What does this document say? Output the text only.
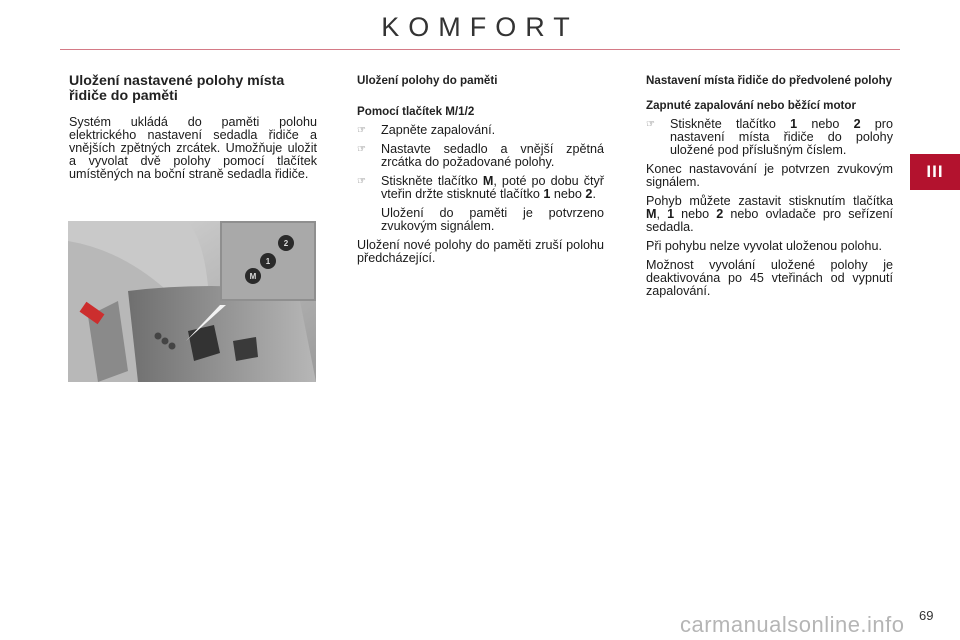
KOMFORT
III
Uložení nastavené polohy místa řidiče do paměti

Systém ukládá do paměti polohu elektrického nastavení sedadla řidiče a vnějších zpětných zrcátek. Umožňuje uložit a vyvolat dvě polohy pomocí tlačítek umístěných na boční straně sedadla řidiče.

M
1
2
Uložení polohy do paměti
Pomocí tlačítek M/1/2
☞	Zapněte zapalování.
☞	Nastavte sedadlo a vnější zpětná zrcátka do požadované polohy.
☞	Stiskněte tlačítko M, poté po dobu čtyř vteřin držte stisknuté tlačítko 1 nebo 2.

Uložení do paměti je potvrzeno zvukovým signálem.

Uložení nové polohy do paměti zruší polohu předcházející.

Nastavení místa řidiče do předvolené polohy
Zapnuté zapalování nebo běžící motor
☞	Stiskněte tlačítko 1 nebo 2 pro nastavení místa řidiče do polohy uložené pod příslušným číslem.

Konec nastavování je potvrzen zvukovým signálem.

Pohyb můžete zastavit stisknutím tlačítka M, 1 nebo 2 nebo ovladače pro seřízení sedadla.

Při pohybu nelze vyvolat uloženou polohu.

Možnost vyvolání uložené polohy je deaktivována po 45 vteřinách od vypnutí zapalování.

carmanualsonline.info 69
